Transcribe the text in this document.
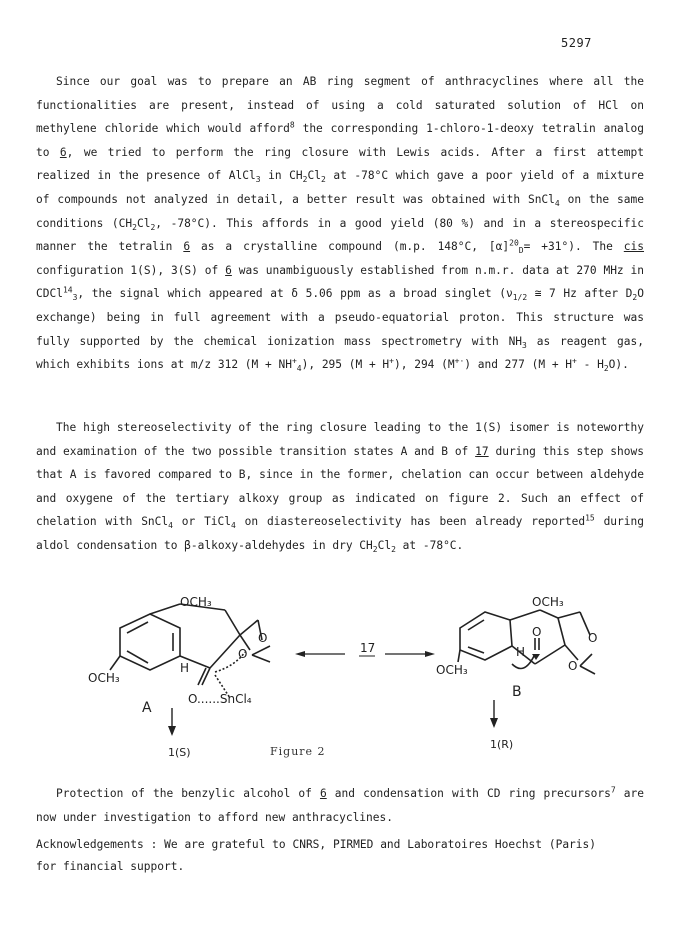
5297
Since our goal was to prepare an AB ring segment of anthracyclines where all the functionalities are present, instead of using a cold saturated solution of HCl on methylene chloride which would afford$^8$ the corresponding 1-chloro-1-deoxy tetralin analog to 6, we tried to perform the ring closure with Lewis acids. After a first attempt realized in the presence of AlCl$_3$ in $CH_2Cl_2$ at -78°C which gave a poor yield of a mixture of compounds not analyzed in detail, a better result was obtained with SnCl$_4$ on the same conditions ($CH_2Cl_2$, -78°C). This affords in a good yield (80 %) and in a stereospecific manner the tetralin 6 as a crystalline compound (m.p. 148°C, $[\alpha]^{20}_D= +31^\circ$). The cis configuration 1(S), 3(S) of 6 was unambiguously established from n.m.r. data at 270 MHz in CDCl$^{14}_3$, the signal which appeared at δ 5.06 ppm as a broad singlet ($\nu_{1/2}$ ≅ 7 Hz after $D_2O$ exchange) being in full agreement with a pseudo-equatorial proton. This structure was fully supported by the chemical ionization mass spectrometry with $NH_3$ as reagent gas, which exhibits ions at m/z 312 $(M + NH^+_4)$, 295 (M + H+), 294 (M+·) and 277 $(M + H^+ - H_2O)$.
The high stereoselectivity of the ring closure leading to the 1(S) isomer is noteworthy and examination of the two possible transition states A and B of 17 during this step shows that A is favored compared to B, since in the former, chelation can occur between aldehyde and oxygene of the tertiary alkoxy group as indicated on figure 2. Such an effect of chelation with SnCl$_4$ or TiCl$_4$ on diastereoselectivity has been already reported$^{15}$ during aldol condensation to β-alkoxy-aldehydes in dry $CH_2Cl_2$ at -78°C.
OCH₃
OCH₃
O
O
H
O......SnCl₄
A
1(S)
17
OCH₃
OCH₃
O	O
O
H
B
1(R)
Figure 2
Protection of the benzylic alcohol of 6 and condensation with CD ring precursors$^7$ are now under investigation to afford new anthracyclines.
Acknowledgements : We are grateful to CNRS, PIRMED and Laboratoires Hoechst (Paris) for financial support.
